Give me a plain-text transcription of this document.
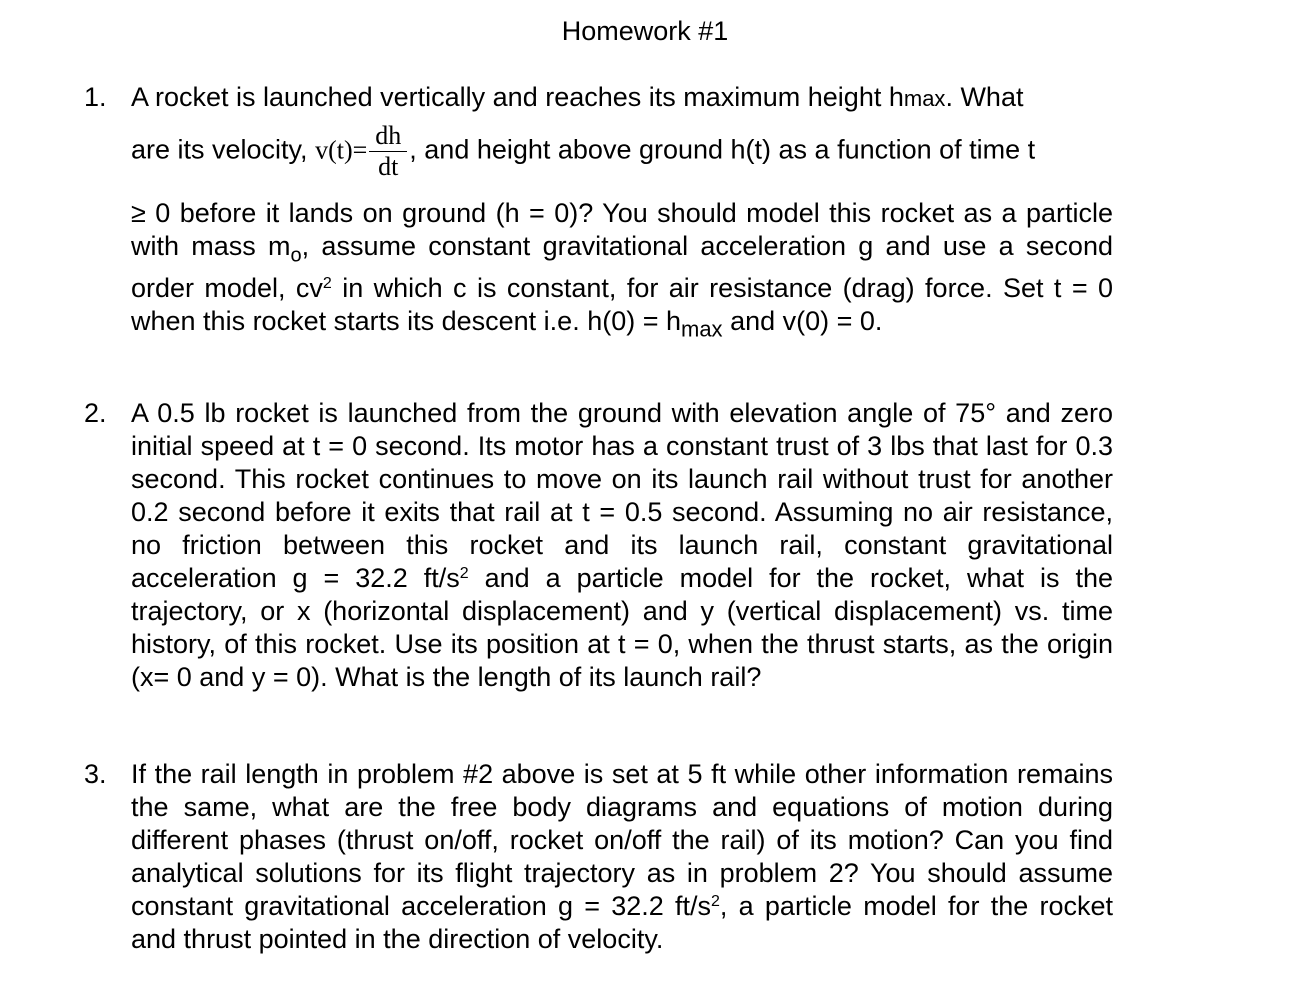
Homework #1
1. A rocket is launched vertically and reaches its maximum height hmax. What
are its velocity, $v(t)= \frac{dh}{dt}$ , and height above ground h(t) as a function of time t

≥ 0 before it lands on ground (h = 0)? You should model this rocket as a particle with mass $m_o$, assume constant gravitational acceleration g and use a second order model, $cv^2$ in which c is constant, for air resistance (drag) force. Set t = 0 when this rocket starts its descent i.e. $h(0) = h_{max}$ and v(0) = 0.

2. A 0.5 lb rocket is launched from the ground with elevation angle of 75° and zero initial speed at t = 0 second. Its motor has a constant trust of 3 lbs that last for 0.3 second. This rocket continues to move on its launch rail without trust for another 0.2 second before it exits that rail at t = 0.5 second. Assuming no air resistance, no friction between this rocket and its launch rail, constant gravitational acceleration g = 32.2 $ft/s^2$ and a particle model for the rocket, what is the trajectory, or x (horizontal displacement) and y (vertical displacement) vs. time history, of this rocket. Use its position at t = 0, when the thrust starts, as the origin (x= 0 and y = 0). What is the length of its launch rail?

3. If the rail length in problem #2 above is set at 5 ft while other information remains the same, what are the free body diagrams and equations of motion during different phases (thrust on/off, rocket on/off the rail) of its motion? Can you find analytical solutions for its flight trajectory as in problem 2? You should assume constant gravitational acceleration g = 32.2 $ft/s^2$, a particle model for the rocket and thrust pointed in the direction of velocity.
